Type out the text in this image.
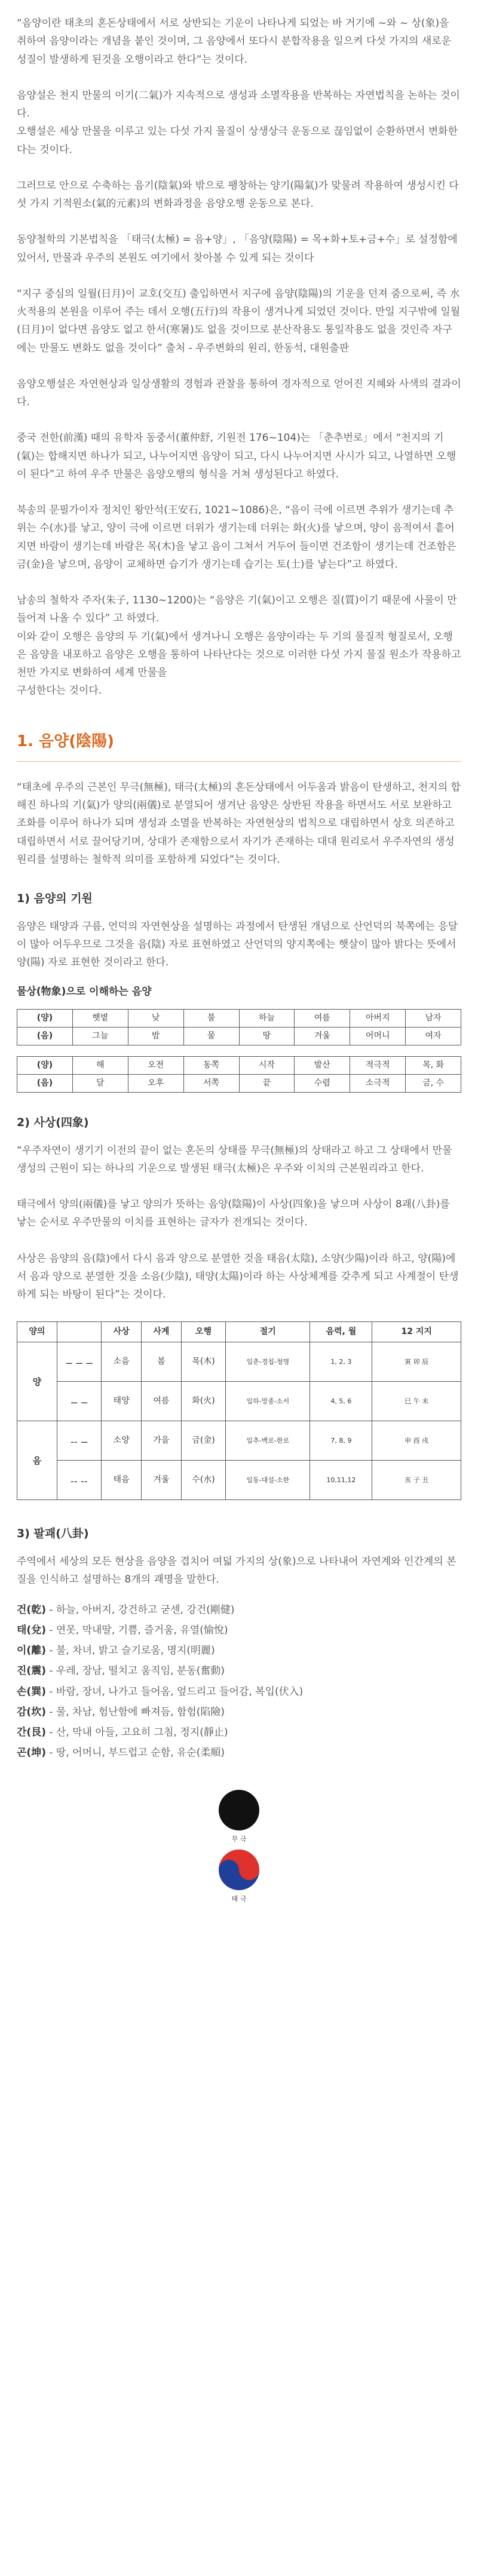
“음양이란 태초의 혼돈상태에서 서로 상반되는 기운이 나타나게 되었는 바 거기에 ~와 ~ 상(象)을 취하여 음양이라는 개념을 붙인 것이며, 그 음양에서 또다시 분합작용을 일으켜 다섯 가지의 새로운 성질이 발생하게 된것을 오행이라고 한다”는 것이다.

음양설은 천지 만물의 이기(二氣)가 지속적으로 생성과 소멸작용을 반복하는 자연법칙을 논하는 것이다.
오행설은 세상 만물을 이루고 있는 다섯 가지 물질이 상생상극 운동으로 끊임없이 순환하면서 변화한다는 것이다.

그러므로 안으로 수축하는 음기(陰氣)와 밖으로 팽창하는 양기(陽氣)가 맞물려 작용하여 생성시킨 다섯 가지 기적원소(氣的元素)의 변화과정을 음양오행 운동으로 본다.

동양철학의 기본법칙을 「태극(太極) = 음+양」, 「음양(陰陽) = 목+화+토+금+수」로 설정함에 있어서, 만물과 우주의 본원도 여기에서 찾아볼 수 있게 되는 것이다

“지구 중심의 일월(日月)이 교호(交互) 출입하면서 지구에 음양(陰陽)의 기운을 던져 줌으로써, 즉 水火적용의 본원을 이루어 주는 데서 오행(五行)의 작용이 생겨나게 되었던 것이다. 만일 지구밖에 일월(日月)이 없다면 음양도 없고 한서(寒暑)도 없을 것이므로 분산작용도 통일작용도 없을 것인즉 자구에는 만물도 변화도 없을 것이다” 출처 - 우주변화의 원리, 한동석, 대원출판

음양오행설은 자연현상과 일상생활의 경험과 관찰을 통하여 경자적으로 얻어진 지혜와 사색의 결과이다.

중국 전한(前漢) 때의 유학자 동중서(董仲舒, 기원전 176~104)는 「춘추번로」에서 “천지의 기(氣)는 합해지면 하나가 되고, 나누어지면 음양이 되고, 다시 나누어지면 사시가 되고, 나열하면 오행이 된다”고 하여 우주 만물은 음양오행의 형식을 거쳐 생성된다고 하였다.

북송의 문필가이자 정치인 왕안석(王安石, 1021~1086)은, “음이 극에 이르면 추위가 생기는데 추위는 수(水)를 낳고, 양이 극에 이르면 더위가 생기는데 더위는 화(火)를 낳으며, 양이 음적여서 흩어지면 바람이 생기는데 바람은 목(木)을 낳고 음이 그쳐서 거두어 들이면 건조함이 생기는데 건조함은 금(金)을 낳으며, 음양이 교체하면 습기가 생기는데 습기는 토(土)를 낳는다”고 하였다.

남송의 철학자 주자(朱子, 1130~1200)는 “음양은 기(氣)이고 오행은 질(質)이기 때문에 사물이 만들어져 나올 수 있다” 고 하였다.
이와 같이 오행은 음양의 두 기(氣)에서 생겨나니 오행은 음양이라는 두 기의 물질적 형질로서, 오행은 음양을 내포하고 음양은 오행을 통하여 나타난다는 것으로 이러한 다섯 가지 물질 원소가 작용하고 천만 가지로 변화하여 세계 만물을
구성한다는 것이다.

1. 음양(陰陽)

“태초에 우주의 근본인 무극(無極), 태극(太極)의 혼돈상태에서 어두움과 밝음이 탄생하고, 천지의 합해진 하나의 기(氣)가 양의(兩儀)로 분열되어 생겨난 음양은 상반된 작용을 하면서도 서로 보완하고 조화를 이루어 하나가 되며 생성과 소멸을 반복하는 자연현상의 법칙으로 대립하면서 상호 의존하고 대립하면서 서로 끌어당기며, 상대가 존재함으로서 자기가 존재하는 대대 원리로서 우주자연의 생성원리를 설명하는 철학적 의미를 포함하게 되었다”는 것이다.

1) 음양의 기원

음양은 태양과 구름, 언덕의 자연현상을 설명하는 과정에서 탄생된 개념으로 산언덕의 북쪽에는 응달이 많아 어두우므로 그것을 음(陰) 자로 표현하였고 산언덕의 양지쪽에는 햇살이 많아 밝다는 뜻에서 양(陽) 자로 표현한 것이라고 한다.

물상(物象)으로 이해하는 음양
(양)	햇볕	낮	불	하늘	여름	아버지	남자
(음)	그늘	밤	물	땅	겨울	어머니	여자
(양)	해	오전	동쪽	시작	발산	적극적	목, 화
(음)	달	오후	서쪽	끝	수렴	소극적	금, 수
2) 사상(四象)

“우주자연이 생기기 이전의 끝이 없는 혼돈의 상태를 무극(無極)의 상태라고 하고 그 상태에서 만물생성의 근원이 되는 하나의 기운으로 발생된 태극(太極)은 우주와 이치의 근본원리라고 한다.

태극에서 양의(兩儀)를 낳고 양의가 뜻하는 음양(陰陽)이 사상(四象)을 낳으며 사상이 8괘(八卦)를 낳는 순서로 우주만물의 이치를 표현하는 글자가 전개되는 것이다.

사상은 음양의 음(陰)에서 다시 음과 양으로 분열한 것을 태음(太陰), 소양(少陽)이라 하고, 양(陽)에서 음과 양으로 분열한 것을 소음(少陰), 태양(太陽)이라 하는 사상체계를 갖추게 되고 사계절이 탄생하게 되는 바탕이 된다”는 것이다.

양의		사상	사계	오행	절기	음력, 월	12 지지
양	⚊ ⚊ ⚊	소음	봄	목(木)	입춘-경칩-청명	1, 2, 3	寅 卯 辰
	⚊ ⚊	태양	여름	화(火)	입하-망종-소서	4, 5, 6	巳 午 未
음	⚋ ⚊	소양	가을	금(金)	입추-백로-한로	7, 8, 9	申 酉 戌
	⚋ ⚋	태음	겨울	수(水)	입동-대설-소한	10,11,12	亥 子 丑
3) 팔괘(八卦)

주역에서 세상의 모든 현상을 음양을 겹치어 여덟 가지의 상(象)으로 나타내어 자연계와 인간계의 본질을 인식하고 설명하는 8개의 괘명을 말한다.

건(乾) - 하늘, 아버지, 강건하고 굳센, 강건(剛健)
태(兌) - 연못, 막내딸, 기쁨, 즐거움, 유열(愉悅)
이(離) - 불, 차녀, 밝고 슬기로움, 명지(明麗)
진(震) - 우레, 장남, 떨치고 움직임, 분동(奮動)
손(巽) - 바람, 장녀, 나가고 들어옴, 엎드리고 들어감, 복입(伏入)
감(坎) - 물, 차남, 험난함에 빠져듬, 함험(陷險)
간(艮) - 산, 막내 아들, 고요히 그침, 정지(靜止)
곤(坤) - 땅, 어머니, 부드럽고 순함, 유순(柔順)
무 극
태 극
